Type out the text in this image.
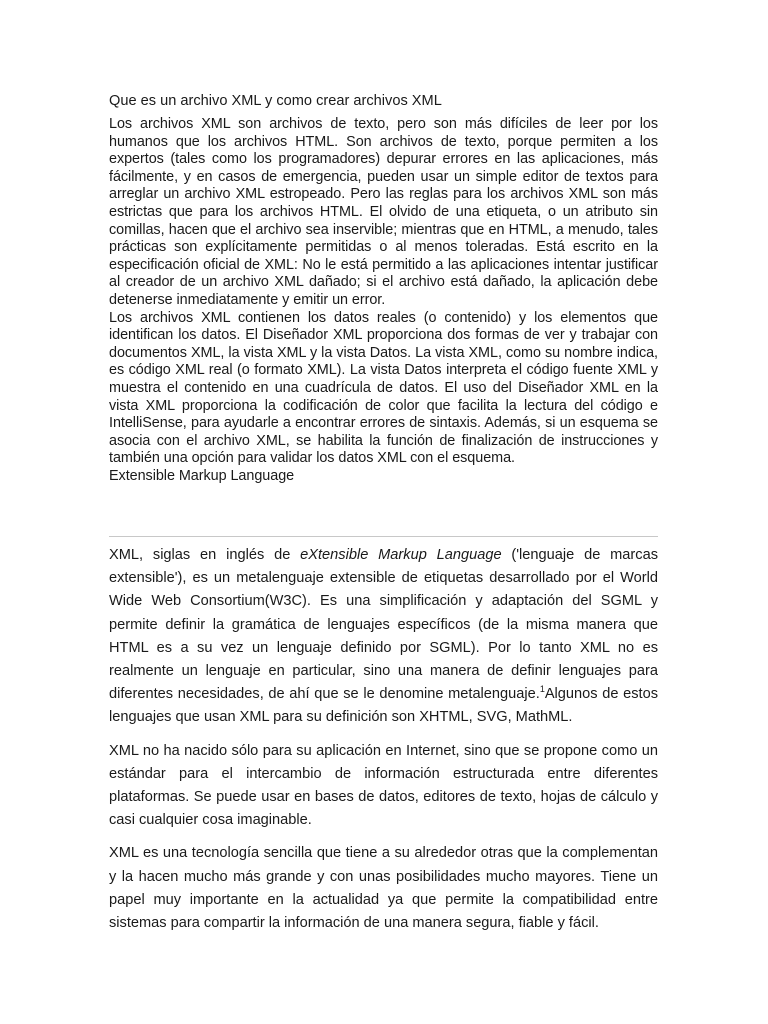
Que es un archivo XML y como crear archivos XML

Los archivos XML son archivos de texto, pero son más difíciles de leer por los humanos que los archivos HTML. Son archivos de texto, porque permiten a los expertos (tales como los programadores) depurar errores en las aplicaciones, más fácilmente, y en casos de emergencia, pueden usar un simple editor de textos para arreglar un archivo XML estropeado. Pero las reglas para los archivos XML son más estrictas que para los archivos HTML. El olvido de una etiqueta, o un atributo sin comillas, hacen que el archivo sea inservible; mientras que en HTML, a menudo, tales prácticas son explícitamente permitidas o al menos toleradas. Está escrito en la especificación oficial de XML: No le está permitido a las aplicaciones intentar justificar al creador de un archivo XML dañado; si el archivo está dañado, la aplicación debe detenerse inmediatamente y emitir un error.

Los archivos XML contienen los datos reales (o contenido) y los elementos que identifican los datos. El Diseñador XML proporciona dos formas de ver y trabajar con documentos XML, la vista XML y la vista Datos. La vista XML, como su nombre indica, es código XML real (o formato XML). La vista Datos interpreta el código fuente XML y muestra el contenido en una cuadrícula de datos. El uso del Diseñador XML en la vista XML proporciona la codificación de color que facilita la lectura del código e IntelliSense, para ayudarle a encontrar errores de sintaxis. Además, si un esquema se asocia con el archivo XML, se habilita la función de finalización de instrucciones y también una opción para validar los datos XML con el esquema.

Extensible Markup Language

XML, siglas en inglés de eXtensible Markup Language ('lenguaje de marcas extensible'), es un metalenguaje extensible de etiquetas desarrollado por el World Wide Web Consortium(W3C). Es una simplificación y adaptación del SGML y permite definir la gramática de lenguajes específicos (de la misma manera que HTML es a su vez un lenguaje definido por SGML). Por lo tanto XML no es realmente un lenguaje en particular, sino una manera de definir lenguajes para diferentes necesidades, de ahí que se le denomine metalenguaje.$^1$Algunos de estos lenguajes que usan XML para su definición son XHTML, SVG, MathML.

XML no ha nacido sólo para su aplicación en Internet, sino que se propone como un estándar para el intercambio de información estructurada entre diferentes plataformas. Se puede usar en bases de datos, editores de texto, hojas de cálculo y casi cualquier cosa imaginable.

XML es una tecnología sencilla que tiene a su alrededor otras que la complementan y la hacen mucho más grande y con unas posibilidades mucho mayores. Tiene un papel muy importante en la actualidad ya que permite la compatibilidad entre sistemas para compartir la información de una manera segura, fiable y fácil.
